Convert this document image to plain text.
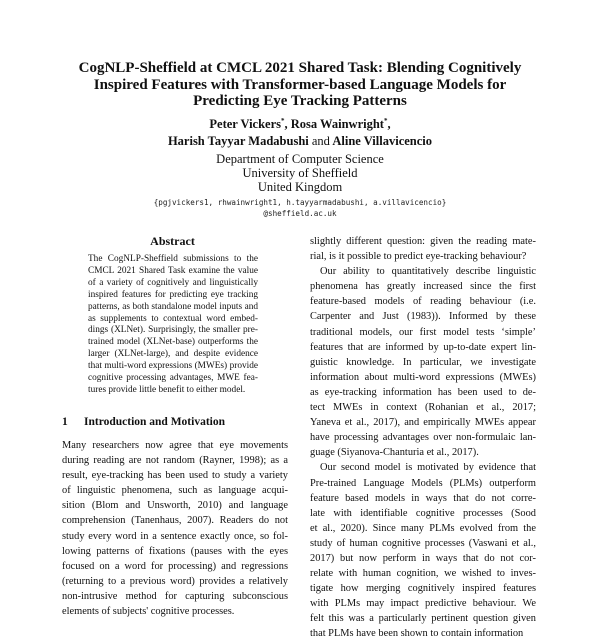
CogNLP-Sheffield at CMCL 2021 Shared Task: Blending Cognitively
Inspired Features with Transformer-based Language Models for
Predicting Eye Tracking Patterns
Peter Vickers*, Rosa Wainwright*,
Harish Tayyar Madabushi and Aline Villavicencio
Department of Computer Science
University of Sheffield
United Kingdom
{pgjvickers1, rhwainwright1, h.tayyarmadabushi, a.villavicencio}
@sheffield.ac.uk
Abstract
The CogNLP-Sheffield submissions to the
CMCL 2021 Shared Task examine the value
of a variety of cognitively and linguistically
inspired features for predicting eye tracking
patterns, as both standalone model inputs and
as supplements to contextual word embed-
dings (XLNet). Surprisingly, the smaller pre-
trained model (XLNet-base) outperforms the
larger (XLNet-large), and despite evidence
that multi-word expressions (MWEs) provide
cognitive processing advantages, MWE fea-
tures provide little benefit to either model.
1 Introduction and Motivation
Many researchers now agree that eye movements
during reading are not random (Rayner, 1998); as a
result, eye-tracking has been used to study a variety
of linguistic phenomena, such as language acqui-
sition (Blom and Unsworth, 2010) and language
comprehension (Tanenhaus, 2007). Readers do not
study every word in a sentence exactly once, so fol-
lowing patterns of fixations (pauses with the eyes
focused on a word for processing) and regressions
(returning to a previous word) provides a relatively
non-intrusive method for capturing subconscious
elements of subjects' cognitive processes.
slightly different question: given the reading mate-
rial, is it possible to predict eye-tracking behaviour?
Our ability to quantitatively describe linguistic
phenomena has greatly increased since the first
feature-based models of reading behaviour (i.e.
Carpenter and Just (1983)). Informed by these
traditional models, our first model tests ‘simple’
features that are informed by up-to-date expert lin-
guistic knowledge. In particular, we investigate
information about multi-word expressions (MWEs)
as eye-tracking information has been used to de-
tect MWEs in context (Rohanian et al., 2017;
Yaneva et al., 2017), and empirically MWEs appear
have processing advantages over non-formulaic lan-
guage (Siyanova-Chanturia et al., 2017).
Our second model is motivated by evidence that
Pre-trained Language Models (PLMs) outperform
feature based models in ways that do not corre-
late with identifiable cognitive processes (Sood
et al., 2020). Since many PLMs evolved from the
study of human cognitive processes (Vaswani et al.,
2017) but now perform in ways that do not cor-
relate with human cognition, we wished to inves-
tigate how merging cognitively inspired features
with PLMs may impact predictive behaviour. We
felt this was a particularly pertinent question given
that PLMs have been shown to contain information
